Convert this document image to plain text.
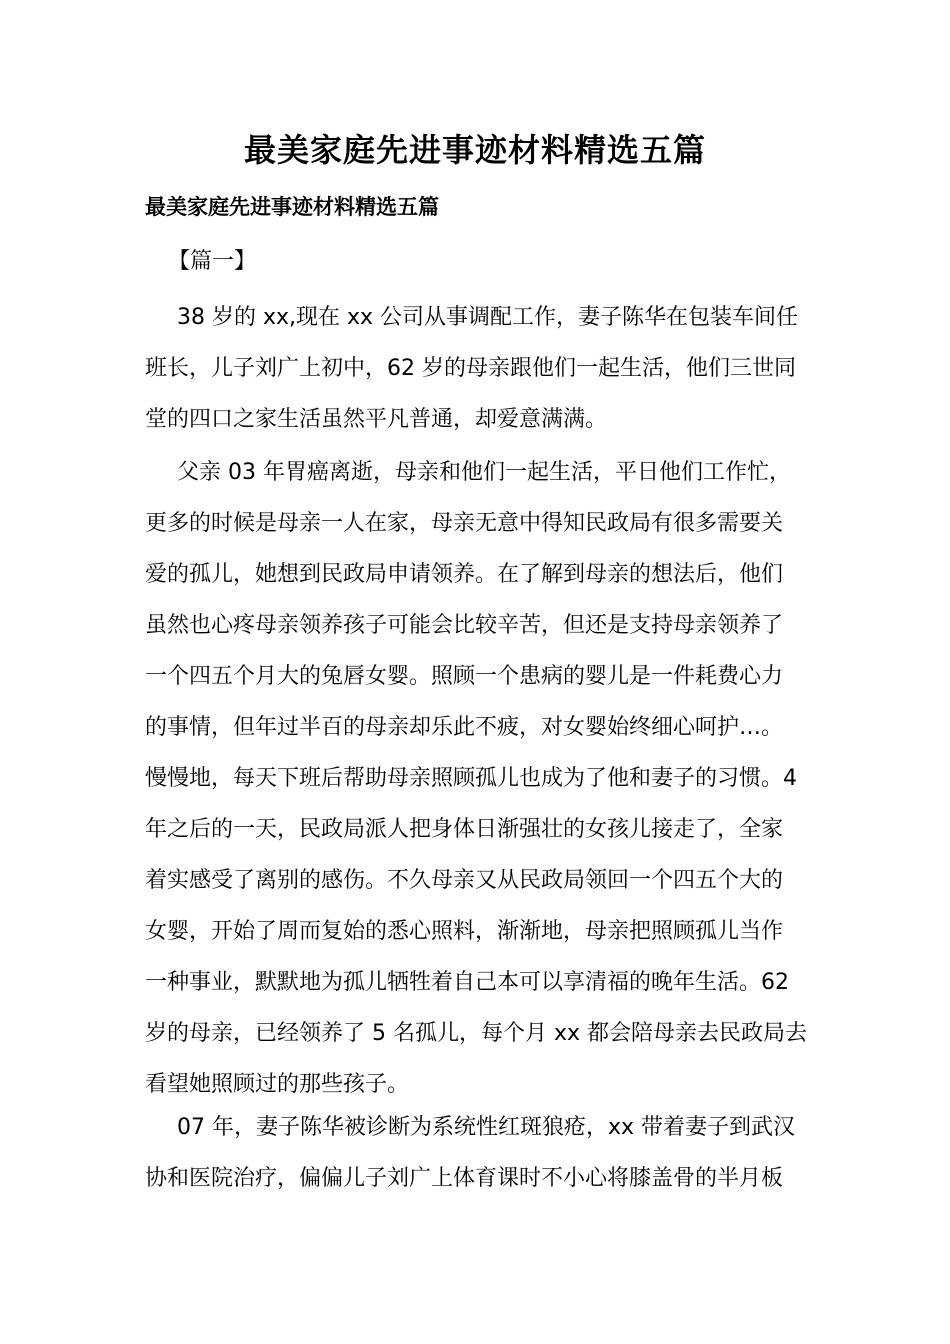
最美家庭先进事迹材料精选五篇
最美家庭先进事迹材料精选五篇
【篇一】
38 岁的 xx,现在 xx 公司从事调配工作，妻子陈华在包装车间任
班长，儿子刘广上初中，62 岁的母亲跟他们一起生活，他们三世同
堂的四口之家生活虽然平凡普通，却爱意满满。
父亲 03 年胃癌离逝，母亲和他们一起生活，平日他们工作忙，
更多的时候是母亲一人在家，母亲无意中得知民政局有很多需要关
爱的孤儿，她想到民政局申请领养。在了解到母亲的想法后，他们
虽然也心疼母亲领养孩子可能会比较辛苦，但还是支持母亲领养了
一个四五个月大的兔唇女婴。照顾一个患病的婴儿是一件耗费心力
的事情，但年过半百的母亲却乐此不疲，对女婴始终细心呵护…。
慢慢地，每天下班后帮助母亲照顾孤儿也成为了他和妻子的习惯。4
年之后的一天，民政局派人把身体日渐强壮的女孩儿接走了，全家
着实感受了离别的感伤。不久母亲又从民政局领回一个四五个大的
女婴，开始了周而复始的悉心照料，渐渐地，母亲把照顾孤儿当作
一种事业，默默地为孤儿牺牲着自己本可以享清福的晚年生活。62
岁的母亲，已经领养了 5 名孤儿，每个月 xx 都会陪母亲去民政局去
看望她照顾过的那些孩子。
07 年，妻子陈华被诊断为系统性红斑狼疮，xx 带着妻子到武汉
协和医院治疗，偏偏儿子刘广上体育课时不小心将膝盖骨的半月板
